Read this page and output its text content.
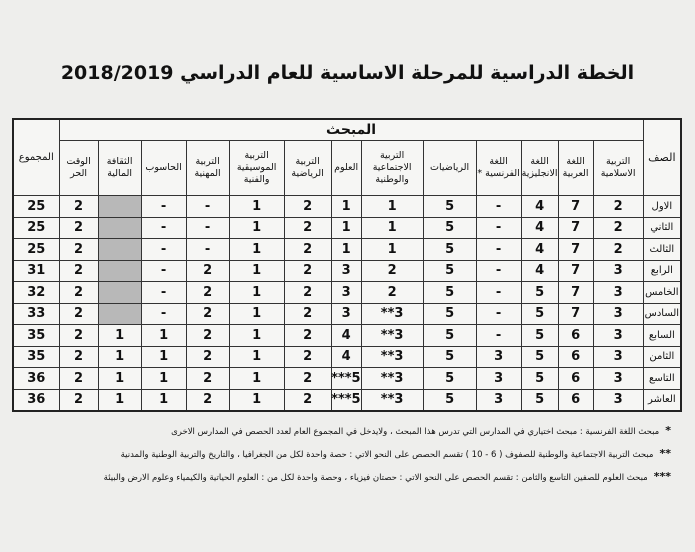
الخطة الدراسية للمرحلة الاساسية للعام الدراسي 2018/2019
الصف	المبحث													المجموع
	التربية الاسلامية	اللغة العربية	اللغة الانجليزية	اللغة الفرنسية *	الرياضيات	التربية الاجتماعية والوطنية	العلوم	التربية الرياضية	التربية الموسيقية والفنية	التربية المهنية	الحاسوب	الثقافة المالية	الوقت الحر	
الاول	2	7	4	-	5	1	1	2	1	-	-		2	25
الثاني	2	7	4	-	5	1	1	2	1	-	-		2	25
الثالث	2	7	4	-	5	1	1	2	1	-	-		2	25
الرابع	3	7	4	-	5	2	3	2	1	2	-		2	31
الخامس	3	7	5	-	5	2	3	2	1	2	-		2	32
السادس	3	7	5	-	5	3**	3	2	1	2	-		2	33
السابع	3	6	5	-	5	3**	4	2	1	2	1	1	2	35
الثامن	3	6	5	3	5	3**	4	2	1	2	1	1	2	35
التاسع	3	6	5	3	5	3**	5***	2	1	2	1	1	2	36
العاشر	3	6	5	3	5	3**	5***	2	1	2	1	1	2	36
*مبحث اللغة الفرنسية : مبحث اختياري في المدارس التي تدرس هذا المبحث ، ولايدخل في المجموع العام لعدد الحصص في المدارس الاخرى
**مبحث التربية الاجتماعية والوطنية للصفوف ( 6 - 10 ) تقسم الحصص على النحو الاتي : حصة واحدة لكل من الجغرافيا ، والتاريخ والتربية الوطنية والمدنية
***مبحث العلوم للصفين التاسع والثامن : تقسم الحصص على النحو الاتي : حصتان فيزياء ، وحصة واحدة لكل من : العلوم الحياتية والكيمياء وعلوم الارض والبيئة
